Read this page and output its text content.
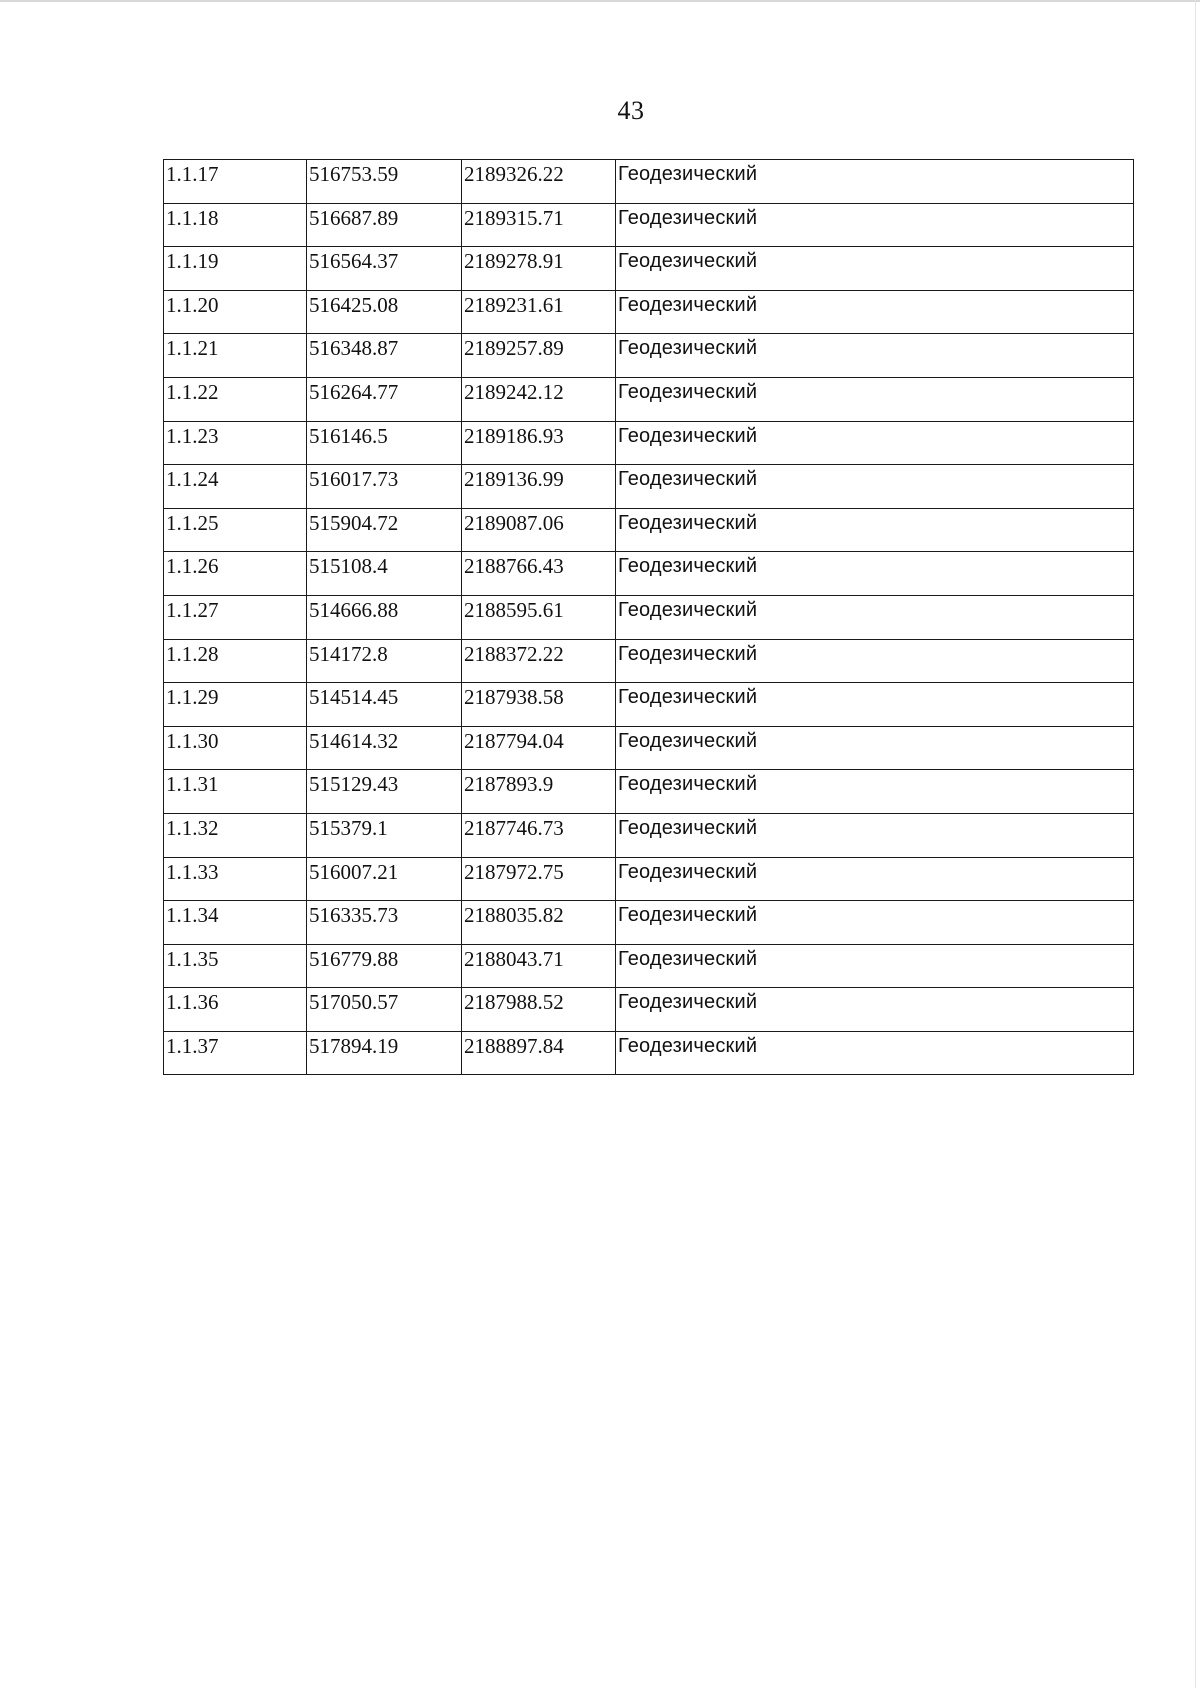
43
1.1.17	516753.59	2189326.22	Геодезический
1.1.18	516687.89	2189315.71	Геодезический
1.1.19	516564.37	2189278.91	Геодезический
1.1.20	516425.08	2189231.61	Геодезический
1.1.21	516348.87	2189257.89	Геодезический
1.1.22	516264.77	2189242.12	Геодезический
1.1.23	516146.5	2189186.93	Геодезический
1.1.24	516017.73	2189136.99	Геодезический
1.1.25	515904.72	2189087.06	Геодезический
1.1.26	515108.4	2188766.43	Геодезический
1.1.27	514666.88	2188595.61	Геодезический
1.1.28	514172.8	2188372.22	Геодезический
1.1.29	514514.45	2187938.58	Геодезический
1.1.30	514614.32	2187794.04	Геодезический
1.1.31	515129.43	2187893.9	Геодезический
1.1.32	515379.1	2187746.73	Геодезический
1.1.33	516007.21	2187972.75	Геодезический
1.1.34	516335.73	2188035.82	Геодезический
1.1.35	516779.88	2188043.71	Геодезический
1.1.36	517050.57	2187988.52	Геодезический
1.1.37	517894.19	2188897.84	Геодезический
